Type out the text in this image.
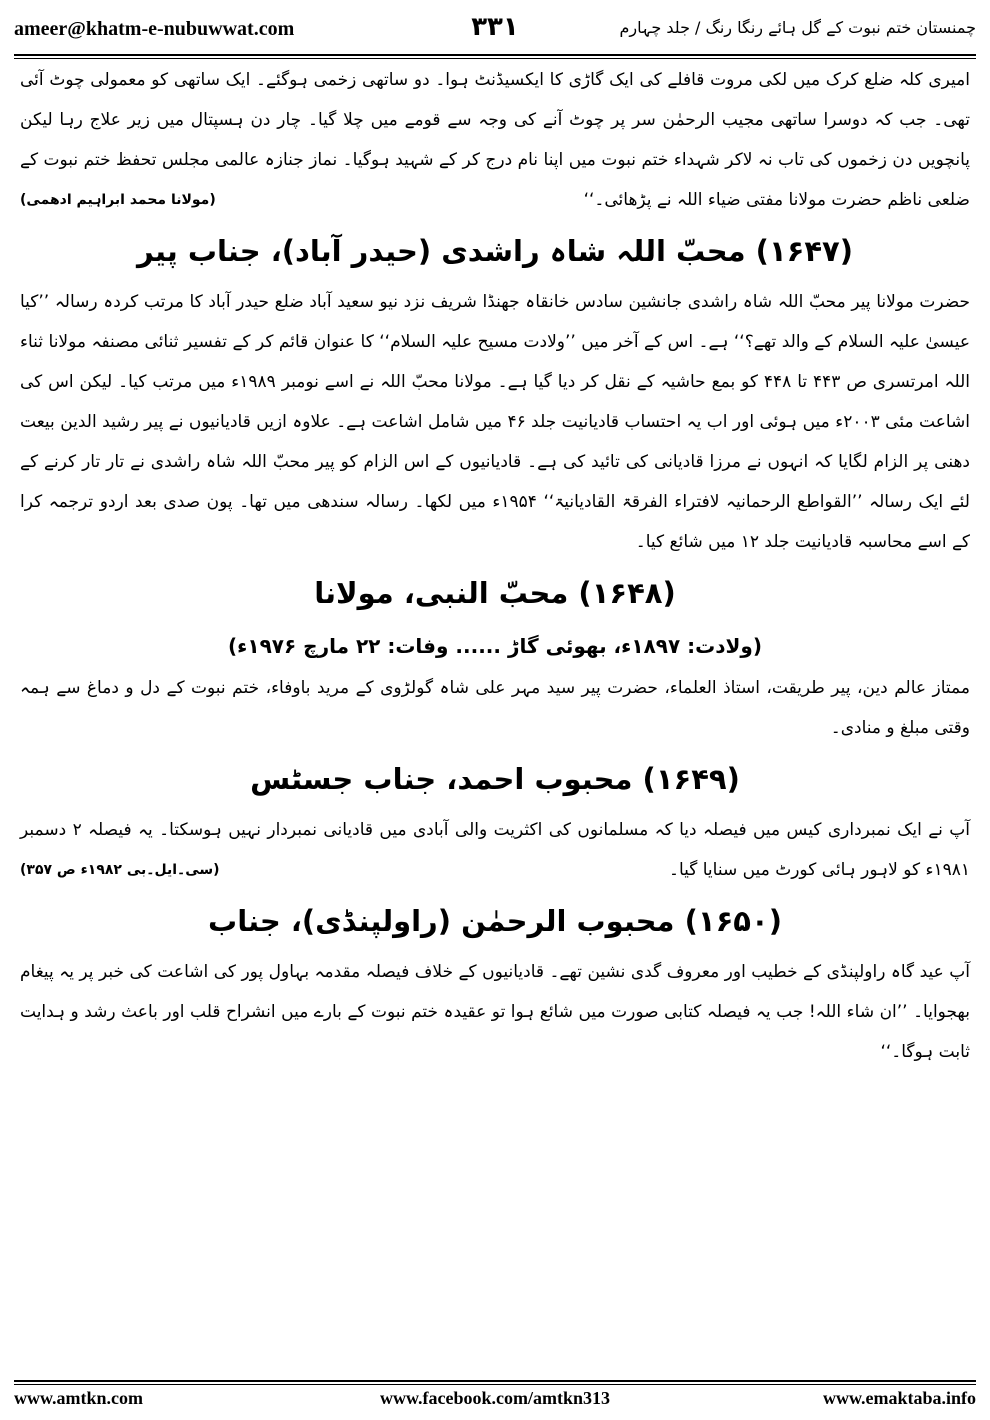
ameer@khatm-e-nubuwwat.com	۳۳۱	چمنستان ختم نبوت کے گل ہائے رنگا رنگ / جلد چہارم

امیری کلہ ضلع کرک میں لکی مروت قافلے کی ایک گاڑی کا ایکسیڈنٹ ہوا۔ دو ساتھی زخمی ہوگئے۔ ایک ساتھی کو معمولی چوٹ آئی تھی۔ جب کہ دوسرا ساتھی مجیب الرحمٰن سر پر چوٹ آنے کی وجہ سے قومے میں چلا گیا۔ چار دن ہسپتال میں زیر علاج رہا لیکن پانچویں دن زخموں کی تاب نہ لاکر شہداء ختم نبوت میں اپنا نام درج کر کے شہید ہوگیا۔ نماز جنازہ عالمی مجلس تحفظ ختم نبوت کے ضلعی ناظم حضرت مولانا مفتی ضیاء اللہ نے پڑھائی۔‘‘
(مولانا محمد ابراہیم ادھمی)

(۱۶۴۷) محبّ اللہ شاہ راشدی (حیدر آباد)، جناب پیر

حضرت مولانا پیر محبّ اللہ شاہ راشدی جانشین سادس خانقاہ جھنڈا شریف نزد نیو سعید آباد ضلع حیدر آباد کا مرتب کردہ رسالہ ’’کیا عیسیٰ علیہ السلام کے والد تھے؟‘‘ ہے۔ اس کے آخر میں ’’ولادت مسیح علیہ السلام‘‘ کا عنوان قائم کر کے تفسیر ثنائی مصنفہ مولانا ثناء اللہ امرتسری ص ۴۴۳ تا ۴۴۸ کو بمع حاشیہ کے نقل کر دیا گیا ہے۔ مولانا محبّ اللہ نے اسے نومبر ۱۹۸۹ء میں مرتب کیا۔ لیکن اس کی اشاعت مئی ۲۰۰۳ء میں ہوئی اور اب یہ احتساب قادیانیت جلد ۴۶ میں شامل اشاعت ہے۔ علاوہ ازیں قادیانیوں نے پیر رشید الدین بیعت دھنی پر الزام لگایا کہ انہوں نے مرزا قادیانی کی تائید کی ہے۔ قادیانیوں کے اس الزام کو پیر محبّ اللہ شاہ راشدی نے تار تار کرنے کے لئے ایک رسالہ ’’القواطع الرحمانیہ لافتراء الفرقۃ القادیانیۃ‘‘ ۱۹۵۴ء میں لکھا۔ رسالہ سندھی میں تھا۔ پون صدی بعد اردو ترجمہ کرا کے اسے محاسبہ قادیانیت جلد ۱۲ میں شائع کیا۔

(۱۶۴۸) محبّ النبی، مولانا

(ولادت: ۱۸۹۷ء، بھوئی گاڑ ...... وفات: ۲۲ مارچ ۱۹۷۶ء)

ممتاز عالم دین، پیر طریقت، استاذ العلماء، حضرت پیر سید مہر علی شاہ گولڑوی کے مرید باوفاء، ختم نبوت کے دل و دماغ سے ہمہ وقتی مبلغ و منادی۔

(۱۶۴۹) محبوب احمد، جناب جسٹس

آپ نے ایک نمبرداری کیس میں فیصلہ دیا کہ مسلمانوں کی اکثریت والی آبادی میں قادیانی نمبردار نہیں ہوسکتا۔ یہ فیصلہ ۲ دسمبر ۱۹۸۱ء کو لاہور ہائی کورٹ میں سنایا گیا۔
(سی۔ایل۔بی ۱۹۸۲ء ص ۳۵۷)

(۱۶۵۰) محبوب الرحمٰن (راولپنڈی)، جناب

آپ عید گاہ راولپنڈی کے خطیب اور معروف گدی نشین تھے۔ قادیانیوں کے خلاف فیصلہ مقدمہ بہاول پور کی اشاعت کی خبر پر یہ پیغام بھجوایا۔ ’’ان شاء اللہ! جب یہ فیصلہ کتابی صورت میں شائع ہوا تو عقیدہ ختم نبوت کے بارے میں انشراح قلب اور باعث رشد و ہدایت ثابت ہوگا۔‘‘

www.amtkn.com	www.facebook.com/amtkn313	www.emaktaba.info
